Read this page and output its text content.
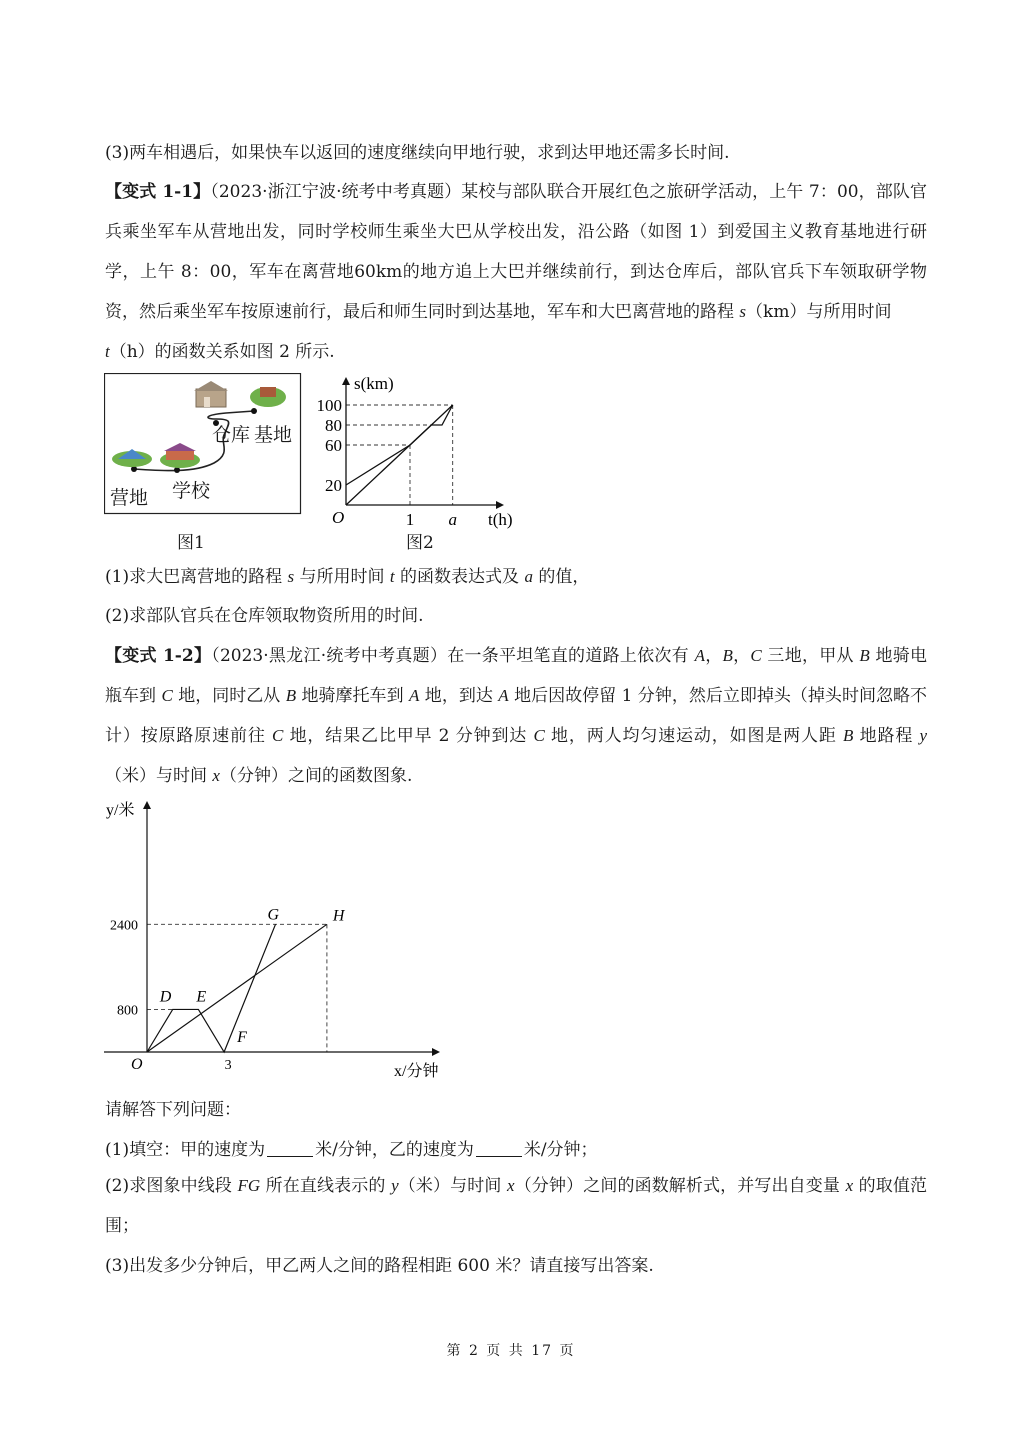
(3)两车相遇后，如果快车以返回的速度继续向甲地行驶，求到达甲地还需多长时间.
【变式 1-1】（2023·浙江宁波·统考中考真题）某校与部队联合开展红色之旅研学活动，上午 7：00，部队官兵乘坐军车从营地出发，同时学校师生乘坐大巴从学校出发，沿公路（如图 1）到爱国主义教育基地进行研学，上午 8：00，军车在离营地60km的地方追上大巴并继续前行，到达仓库后，部队官兵下车领取研学物资，然后乘坐军车按原速前行，最后和师生同时到达基地，军车和大巴离营地的路程 s（km）与所用时间
t（h）的函数关系如图 2 所示.
营地 学校
仓库 基地
图1
20
60
80
100
1 a
O
s(km)
t(h)
图2
(1)求大巴离营地的路程 s 与所用时间 t 的函数表达式及 a 的值，
(2)求部队官兵在仓库领取物资所用的时间.
【变式 1-2】（2023·黑龙江·统考中考真题）在一条平坦笔直的道路上依次有 A，B，C 三地，甲从 B 地骑电瓶车到 C 地，同时乙从 B 地骑摩托车到 A 地，到达 A 地后因故停留 1 分钟，然后立即掉头（掉头时间忽略不计）按原路原速前往 C 地，结果乙比甲早 2 分钟到达 C 地，两人均匀速运动，如图是两人距 B 地路程 y（米）与时间 x（分钟）之间的函数图象.
800
2400
3
O
D E
F
G	H
y/米
x/分钟
请解答下列问题：
(1)填空：甲的速度为	米/分钟，乙的速度为	米/分钟；
(2)求图象中线段 FG 所在直线表示的 y（米）与时间 x（分钟）之间的函数解析式，并写出自变量 x 的取值范围；
(3)出发多少分钟后，甲乙两人之间的路程相距 600 米？请直接写出答案.
第 2 页 共 17 页
